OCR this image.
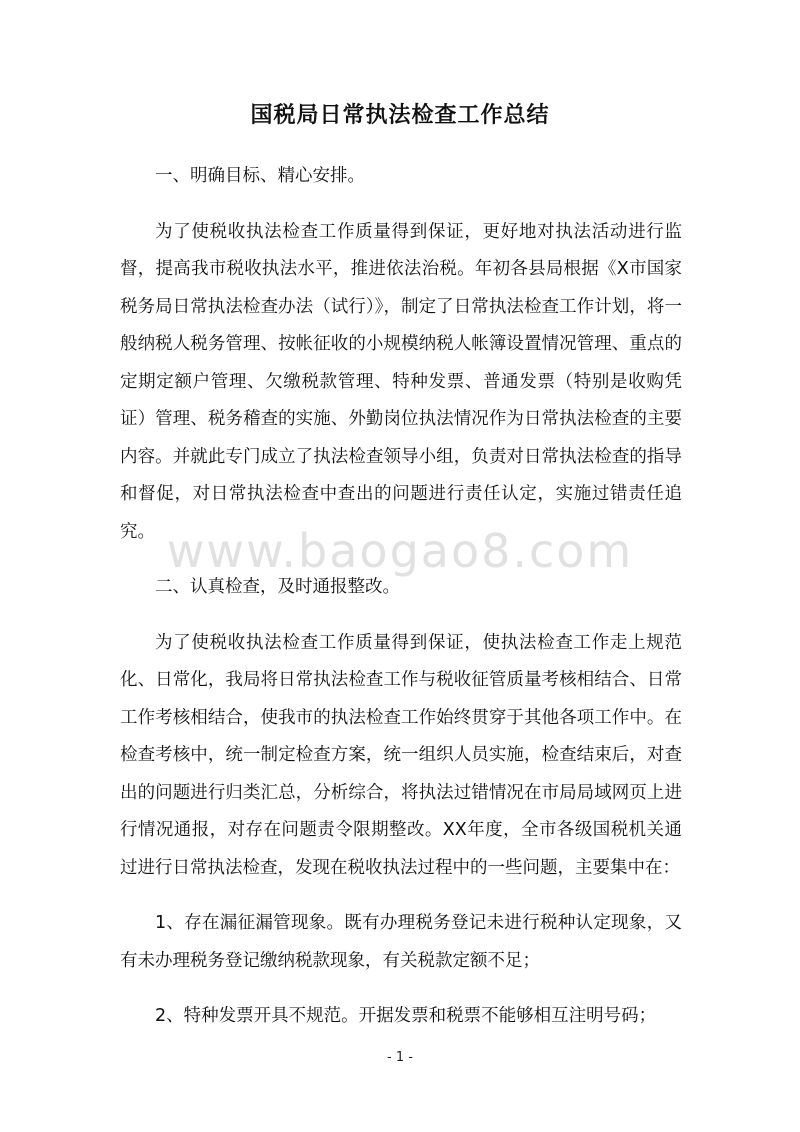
国税局日常执法检查工作总结

一、明确目标、精心安排。

为了使税收执法检查工作质量得到保证，更好地对执法活动进行监督，提高我市税收执法水平，推进依法治税。年初各县局根据《X市国家税务局日常执法检查办法（试行）》，制定了日常执法检查工作计划，将一般纳税人税务管理、按帐征收的小规模纳税人帐簿设置情况管理、重点的定期定额户管理、欠缴税款管理、特种发票、普通发票（特别是收购凭证）管理、税务稽查的实施、外勤岗位执法情况作为日常执法检查的主要内容。并就此专门成立了执法检查领导小组，负责对日常执法检查的指导和督促，对日常执法检查中查出的问题进行责任认定，实施过错责任追究。

二、认真检查，及时通报整改。

为了使税收执法检查工作质量得到保证，使执法检查工作走上规范化、日常化，我局将日常执法检查工作与税收征管质量考核相结合、日常工作考核相结合，使我市的执法检查工作始终贯穿于其他各项工作中。在检查考核中，统一制定检查方案，统一组织人员实施，检查结束后，对查出的问题进行归类汇总，分析综合，将执法过错情况在市局局域网页上进行情况通报，对存在问题责令限期整改。XX年度，全市各级国税机关通过进行日常执法检查，发现在税收执法过程中的一些问题，主要集中在：

1、存在漏征漏管现象。既有办理税务登记未进行税种认定现象，又有未办理税务登记缴纳税款现象，有关税款定额不足；

2、特种发票开具不规范。开据发票和税票不能够相互注明号码；

www.baogao8.com
- 1 -
